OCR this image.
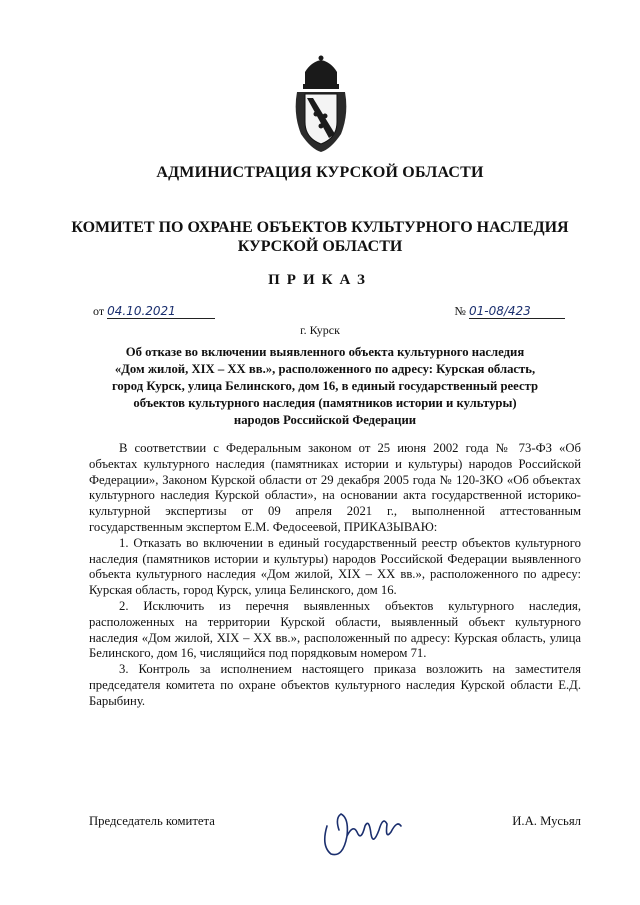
АДМИНИСТРАЦИЯ КУРСКОЙ ОБЛАСТИ
КОМИТЕТ ПО ОХРАНЕ ОБЪЕКТОВ КУЛЬТУРНОГО НАСЛЕДИЯ
КУРСКОЙ ОБЛАСТИ
ПРИКАЗ
от 04.10.2021	№ 01-08/423
г. Курск
Об отказе во включении выявленного объекта культурного наследия «Дом жилой, XIX – XX вв.», расположенного по адресу: Курская область, город Курск, улица Белинского, дом 16, в единый государственный реестр объектов культурного наследия (памятников истории и культуры) народов Российской Федерации

В соответствии с Федеральным законом от 25 июня 2002 года № 73-ФЗ «Об объектах культурного наследия (памятниках истории и культуры) народов Российской Федерации», Законом Курской области от 29 декабря 2005 года № 120-ЗКО «Об объектах культурного наследия Курской области», на основании акта государственной историко-культурной экспертизы от 09 апреля 2021 г., выполненной аттестованным государственным экспертом Е.М. Федосеевой, ПРИКАЗЫВАЮ:

1. Отказать во включении в единый государственный реестр объектов культурного наследия (памятников истории и культуры) народов Российской Федерации выявленного объекта культурного наследия «Дом жилой, XIX – XX вв.», расположенного по адресу: Курская область, город Курск, улица Белинского, дом 16.

2. Исключить из перечня выявленных объектов культурного наследия, расположенных на территории Курской области, выявленный объект культурного наследия «Дом жилой, XIX – XX вв.», расположенный по адресу: Курская область, улица Белинского, дом 16, числящийся под порядковым номером 71.

3. Контроль за исполнением настоящего приказа возложить на заместителя председателя комитета по охране объектов культурного наследия Курской области Е.Д. Барыбину.

Председатель комитета	И.А. Мусьял
